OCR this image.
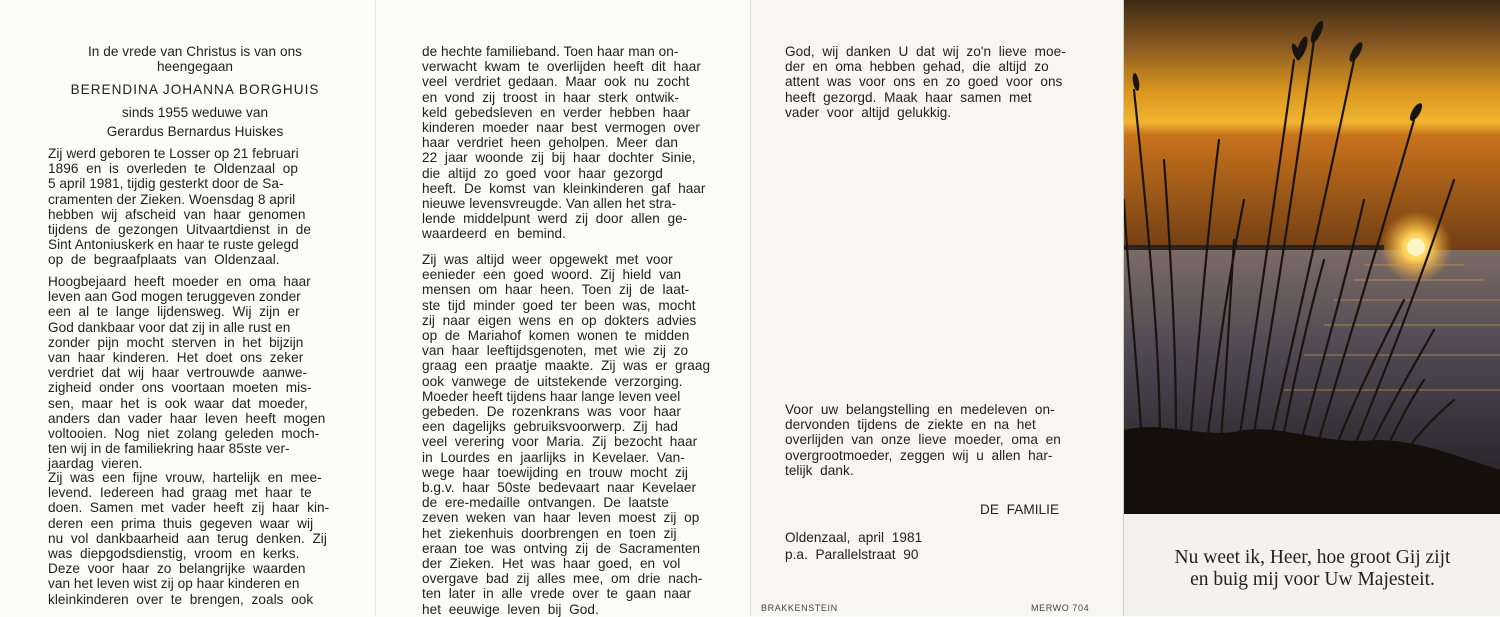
In de vrede van Christus is van ons
heengegaan
BERENDINA JOHANNA BORGHUIS
sinds 1955 weduwe van
Gerardus Bernardus Huiskes
Zij werd geboren te Losser op 21 februari
1896  en  is  overleden  te  Oldenzaal  op
5 april 1981, tijdig gesterkt door de Sa-
cramenten der Zieken. Woensdag 8 april
hebben  wij  afscheid  van  haar  genomen
tijdens  de  gezongen  Uitvaartdienst  in  de
Sint Antoniuskerk en haar te ruste gelegd
op  de  begraafplaats  van  Oldenzaal.
Hoogbejaard  heeft  moeder  en  oma  haar
leven aan God mogen teruggeven zonder
een  al  te  lange  lijdensweg.  Wij  zijn  er
God dankbaar voor dat zij in alle rust en
zonder  pijn  mocht  sterven  in  het  bijzijn
van  haar  kinderen.  Het  doet  ons  zeker
verdriet  dat  wij  haar  vertrouwde  aanwe-
zigheid  onder  ons  voortaan  moeten  mis-
sen,  maar  het  is  ook  waar  dat  moeder,
anders  dan  vader  haar  leven  heeft  mogen
voltooien.  Nog  niet  zolang  geleden  moch-
ten wij in de familiekring haar 85ste ver-
jaardag  vieren.
Zij  was  een  fijne  vrouw,  hartelijk  en  mee-
levend.  Iedereen  had  graag  met  haar  te
doen.  Samen  met  vader  heeft  zij  haar  kin-
deren  een  prima  thuis  gegeven  waar  wij
nu  vol  dankbaarheid  aan  terug  denken.  Zij
was  diepgodsdienstig,  vroom  en  kerks.
Deze  voor  haar  zo  belangrijke  waarden
van het leven wist zij op haar kinderen en
kleinkinderen  over  te  brengen,  zoals  ook
de hechte familieband. Toen haar man on-
verwacht  kwam  te  overlijden  heeft  dit  haar
veel  verdriet  gedaan.  Maar  ook  nu  zocht
en  vond  zij  troost  in  haar  sterk  ontwik-
keld  gebedsleven  en  verder  hebben  haar
kinderen  moeder  naar  best  vermogen  over
haar  verdriet  heen  geholpen.  Meer  dan
22  jaar  woonde  zij  bij  haar  dochter  Sinie,
die  altijd  zo  goed  voor  haar  gezorgd
heeft.  De  komst  van  kleinkinderen  gaf  haar
nieuwe levensvreugde. Van allen het stra-
lende  middelpunt  werd  zij  door  allen  ge-
waardeerd  en  bemind.
Zij  was  altijd  weer  opgewekt  met  voor
eenieder  een  goed  woord.  Zij  hield  van
mensen  om  haar  heen.  Toen  zij  de  laat-
ste  tijd  minder  goed  ter  been  was,  mocht
zij  naar  eigen  wens  en  op  dokters  advies
op  de  Mariahof  komen  wonen  te  midden
van  haar  leeftijdsgenoten,  met  wie  zij  zo
graag  een  praatje  maakte.  Zij  was  er  graag
ook  vanwege  de  uitstekende  verzorging.
Moeder heeft tijdens haar lange leven veel
gebeden.  De  rozenkrans  was  voor  haar
een  dagelijks  gebruiksvoorwerp.  Zij  had
veel  verering  voor  Maria.  Zij  bezocht  haar
in  Lourdes  en  jaarlijks  in  Kevelaer.  Van-
wege  haar  toewijding  en  trouw  mocht  zij
b.g.v.  haar  50ste  bedevaart  naar  Kevelaer
de  ere-medaille  ontvangen.  De  laatste
zeven  weken  van  haar  leven  moest  zij  op
het  ziekenhuis  doorbrengen  en  toen  zij
eraan  toe  was  ontving  zij  de  Sacramenten
der  Zieken.  Het  was  haar  goed,  en  vol
overgave  bad  zij  alles  mee,  om  drie  nach-
ten  later  in  alle  vrede  over  te  gaan  naar
het  eeuwige  leven  bij  God.
God,  wij  danken  U  dat  wij  zo'n  lieve  moe-
der  en  oma  hebben  gehad,  die  altijd  zo
attent  was  voor  ons  en  zo  goed  voor  ons
heeft  gezorgd.  Maak  haar  samen  met
vader  voor  altijd  gelukkig.
Voor  uw  belangstelling  en  medeleven  on-
dervonden  tijdens  de  ziekte  en  na  het
overlijden  van  onze  lieve  moeder,  oma  en
overgrootmoeder,  zeggen  wij  u  allen  har-
telijk  dank.
DE  FAMILIE
Oldenzaal,  april  1981
p.a.  Parallelstraat  90
BRAKKENSTEIN	MERWO 704
Nu weet ik, Heer, hoe groot Gij zijt
en buig mij voor Uw Majesteit.
